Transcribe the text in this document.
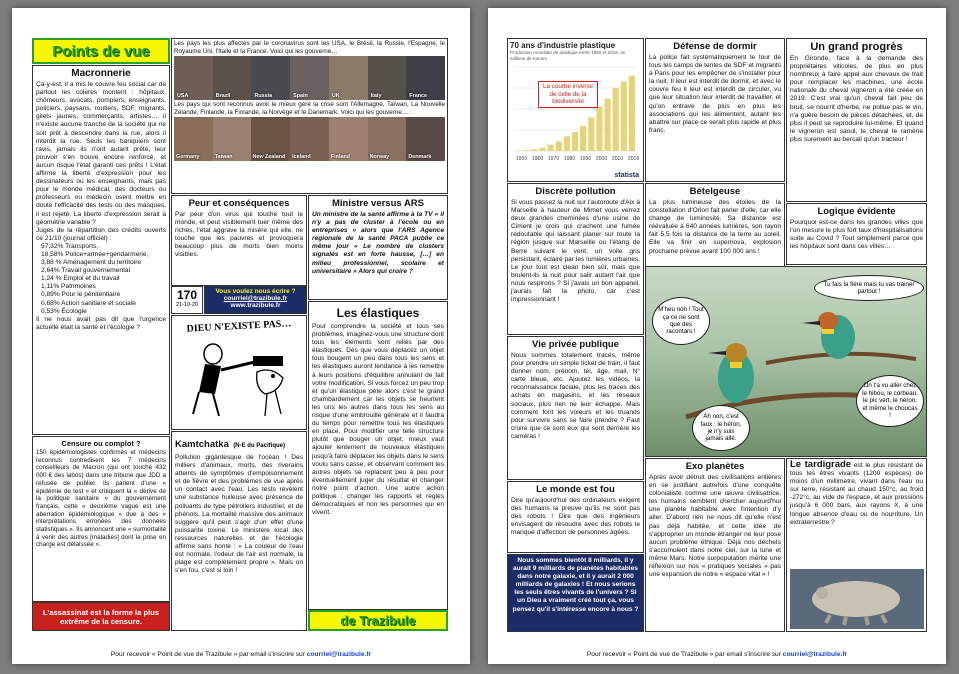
Points de vue
Macronnerie

Ça-y-est, il a mis le couvre feu social car de partout les colères montent : hôpitaux, chômeurs, avocats, pompiers, enseignants, policiers, paysans, routiers, SDF, migrants, gilets jaunes, commerçants, artistes… il n'existe aucune tranche de la société qui ne soit prêt à descendre dans la rue, alors il interdit la rue. Seuls les banquiers sont ravis, jamais ils n'ont autant prêté, leur pouvoir s'en trouve encore renforcé, et aucun risque l'état garanti ces prêts ! L'état affirme la liberté d'expression pour les dessinateurs ou les enseignants, mais pas pour le monde médical, des docteurs ou professeurs ou médecin osent mettre en doute l'efficacité des tests ou des masques, il est rejeté. La liberté d'expression serait à géométrie variable ?

Juges de la répartition des crédits ouverts ce 21/10 (journal officiel) :

57,32% Transports,
18,58% Police+armée+gendarmerie,
3,88 % Aménagement du territoire
2,64% Travail gouvernemental
1,24 % Emploi et du travail
1,11% Patrimoines
0,89% Pour le pénitentiaire
0,68% Action sanitaire et sociale
0,53% Écologie

Il ne nous avait pas dit que l'urgence actuelle était la santé et l'écologie ?

Censure ou complot ?

150 épidémiologistes confirmés et médecins reconnus contredisent les 7 médecins conseilleurs de Macron (qui ont touché 432 000 € des labos) dans une tribune que JDD a refusée de publier. Ils parlent d'une « épidémie de test » et critiquent la « dérive de la politique sanitaire » du gouvernement français, cette « deuxième vague est une aberration épidémiologique » due à des « interprétations erronées des données statistiques ». Ils annoncent une « surmortalité à venir des autres [maladies] dont la prise en charge est délaissée ».

L'assassinat est la forme la plus extrême de la censure.

Les pays les plus affectés par le coronavirus sont les USA, le Brésil, la Russie, l'Espagne, le Royaume Uni, l'Italie et la France. Voici qui les gouverne…

USA	Brazil	Russia	Spain	UK	Italy	France

Les pays qui sont reconnus avoir le mieux géré la crise sont l'Allemagne, Taïwan, La Nouvelle Zélande, Finlande, la Finlande, la Norvège et le Danemark. Voici qui les gouverne… :

Germany	Taiwan	New Zealand Iceland	Finland	Norway	Denmark
Peur et conséquences

Par peur d'un virus qui touche tout le monde, et peut visiblement tuer même des riches, l'état aggrave la misère qui elle, ne touche que les pauvres et provoquera beaucoup plus de morts bien moins visibles.

Ministre versus ARS

Un ministre de la santé affirme à la TV « il n'y a pas de cluster à l'école ou en entreprises » alors que l'ARS Agence régionale de la santé PACA publie ce même jour « Le nombre de clusters signalés est en forte hausse, […] en milieu professionnel, scolaire et universitaire » Alors qui croire ?

170
21-10-20
Vous voulez nous écrire ?
courriel@trazibule.fr
www.trazibule.fr
DIEU N'EXISTE PAS…
Kamtchatka (N-E du Pacifique)

Pollution gigantesque de l'océan ! Des milliers d'animaux, morts, des riverains atteints de symptômes d'empoisonnement et de fièvre et des problèmes de vue après un contact avec l'eau. Les tests révèlent une substance huileuse avec présence de polluants de type pétroliers industriel, et de phénols. La mortalité massive des animaux suggère qu'il peut s'agir d'un effet d'une puissante toxine. Le ministère local des ressources naturelles et de l'écologie affirme sans honte : « La couleur de l'eau est normale, l'odeur de l'air est normale, la plage est complètement propre ». Mais on s'en fou, c'est si loin !

Les élastiques

Pour comprendre la société et tous ses problèmes, imaginez-vous une structure dont tous les éléments sont reliés par des élastiques. Dès que vous déplacez un objet tous bougent un peu dans tous les sens et les élastiques auront tendance à les remettre à leurs positions d'équilibre annulant de fait votre modification. Si vous forcez un peu trop et qu'un élastique pète alors c'est le grand chambardement car les objets se heurtent les uns les autres dans tous les sens au risque d'une embrouille générale et il faudra du temps pour remettre tous les élastiques en place. Pour modifier une telle structure plutôt que bouger un objet, mieux vaut ajouter lentement de nouveaux élastiques jusqu'à faire déplacer les objets dans le sens voulu sans casse, et observant comment les autres objets se replacent peu à peu pour éventuellement juger du résultat et changer notre point d'action. Une autre action politique : changer les rapports et règles démocratiques et non les personnes qui en vivent.

de Trazibule
Pour recevoir « Point de vue de Trazibule » par email s'inscrire sur courriel@trazibule.fr
70 ans d'industrie plastique
Production mondiale de plastique entre 1950 et 2018, en millions de tonnes
1950 1960 1970 1980 1990 2000 2010 2018
La courbe inverse de celle de la biodiversité
statista
Défense de dormir

La police fait systématiquement le tour de tous les camps de tentes de SDF et migrants à Paris pour les empêcher de s'installer pour la nuit. Il leur est interdit de dormir, et avec le couvre feu il leur est interdit de circuler, vu que leur situation leur interdit de travailler, et qu'on entrave de plus en plus les associations qui les alimentent, autant les abattre sur place ce serait plus rapide et plus franc.

Un grand progrès

En Gironde, face à la demande des propriétaires viticoles, de plus en plus nombreux à faire appel aux chevaux de trait pour remplacer les machines, une école nationale du cheval vigneron a été créée en 2019. C'est vrai qu'un cheval fait peu de bruit, se nourrit d'herbe, ne pollue pas le vin, n'a guère besoin de pièces détachées, et, de plus il peut se reproduire lui-même. Et quand le vigneron est saoul, le cheval le ramène plus surement au bercail qu'un tracteur !

Discrète pollution

Si vous passez la nuit sur l'autoroute d'Aix à Marseille à hauteur de Mimet vous verrez deux grandes cheminées d'une usine de Ciment je crois qui crachent une fumée redoutable qui laissant planer sur toute la région jusque sur Marseille ou l'étang de Berre suivant le vent, un voile gris persistant, éclairé par les lumières urbaines. Le jour tout est clean bien sûr, mais que brulent-ils la nuit pour salir autant l'air que nous respirons ? Si j'avais un bon appareil, j'aurais fait la photo, car c'est impressionnant !

Bételgeuse

La plus lumineuse des étoiles de la constellation d'Orion fait parler d'elle, car elle change de luminosité. Sa distance est réévaluée à 640 années lumières, son rayon fait 5,5 fois la distance de la terre au soleil. Elle va finir en supernova, explosion prochaine prévue avant 100 000 ans !

Logique évidente

Pourquoi est-ce dans les grandes villes que l'on mesure le plus fort taux d'hospitalisations suite au Covid ? Tout simplement parce que les hôpitaux sont dans ces villes…

Tu fais la fière mais tu vas trainer partout !
M'heu non ! Tout ça ce ne sont que des racontars !
On t'a vu aller chez le hibou, le corbeau, le pic vert, le héron, et même le choucas !
Ah non, c'est faux : le héron, je n'y suis jamais allé.
Vie privée publique

Nous sommes totalement tracés, même pour prendre un simple ticket de train, il faut donner nom, prénom, tél, âge, mail, N° carte bleue, etc. Ajoutez les vidéos, la reconnaissance faciale, plus les traces des achats en magasins, et les réseaux sociaux, plus rien ne leur échappe. Mais comment font les voleurs et les truands pour survivre sans se faire prendre ? Faut croire que ce sont eux qui sont derrière les caméras !

Le monde est fou

Dire qu'aujourd'hui des ordinateurs exigent des humains la preuve qu'ils ne sont pas des robots ! Dire que des ingénieurs envisagent de résoudre avec des robots le manque d'affection de personnes âgées.

Nous sommes bientôt 8 milliards, il y aurait 9 milliards de planètes habitables dans notre galaxie, et il y aurait 2 000 milliards de galaxies ! Et nous serions les seuls êtres vivants de l'univers ? Si un Dieu a vraiment créé tout ça, vous pensez qu'il s'intéresse encore à nous ?

Exo planètes

Après avoir détruit des civilisations entières en se justifiant autrefois d'une conquête colonialiste comme une œuvre civilisatrice, les humains semblent chercher aujourd'hui une planète habitable avec l'intention d'y aller. D'abord rien ne nous dit qu'elle n'est pas déjà habitée, et cette idée de s'approprier un monde étranger ne leur pose aucun problème éthique. Déjà nos déchets s'accumulent dans notre ciel, sur la lune et même Mars. Notre surpopulation mérite une réflexion sur nos « pratiques sociales » pas une expansion de notre « espace vital » !

Le tardigrade est le plus résistant de tous les êtres vivants (1200 espèces) de moins d'un millimètre, vivant dans l'eau ou sur terre, résistant au chaud 150°c, au froid -272°c, au vide de l'espace, et aux pressions jusqu'à 6 000 bars, aux rayons X, à une longue absence d'eau ou de nourriture. Un extraterrestre ?

Pour recevoir « Point de vue de Trazibule » par email s'inscrire sur courriel@trazibule.fr
